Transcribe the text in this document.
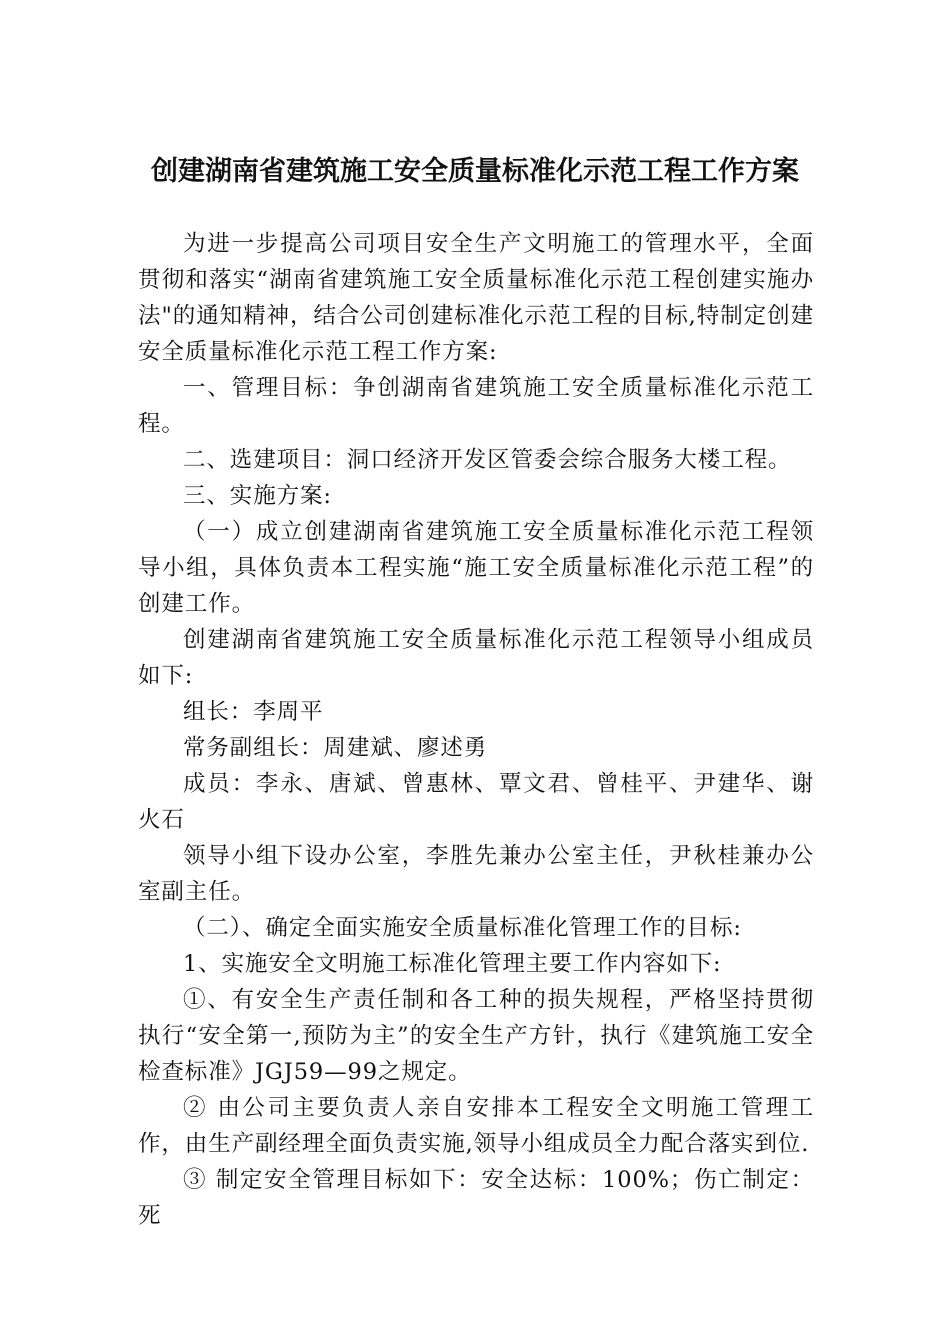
创建湖南省建筑施工安全质量标准化示范工程工作方案

为进一步提高公司项目安全生产文明施工的管理水平，全面贯彻和落实“湖南省建筑施工安全质量标准化示范工程创建实施办法"的通知精神，结合公司创建标准化示范工程的目标,特制定创建安全质量标准化示范工程工作方案:

一、管理目标：争创湖南省建筑施工安全质量标准化示范工程。

二、选建项目：洞口经济开发区管委会综合服务大楼工程。

三、实施方案:

（一）成立创建湖南省建筑施工安全质量标准化示范工程领导小组，具体负责本工程实施“施工安全质量标准化示范工程”的创建工作。

创建湖南省建筑施工安全质量标准化示范工程领导小组成员如下:

组长：李周平

常务副组长：周建斌、廖述勇

成员：李永、唐斌、曾惠林、覃文君、曾桂平、尹建华、谢火石

领导小组下设办公室，李胜先兼办公室主任，尹秋桂兼办公室副主任。

（二）、确定全面实施安全质量标准化管理工作的目标:

1、实施安全文明施工标准化管理主要工作内容如下:

①、有安全生产责任制和各工种的损失规程，严格坚持贯彻执行“安全第一,预防为主”的安全生产方针，执行《建筑施工安全检查标准》JGJ59—99之规定。

② 由公司主要负责人亲自安排本工程安全文明施工管理工作，由生产副经理全面负责实施,领导小组成员全力配合落实到位.

③ 制定安全管理目标如下：安全达标：100%；伤亡制定：死
